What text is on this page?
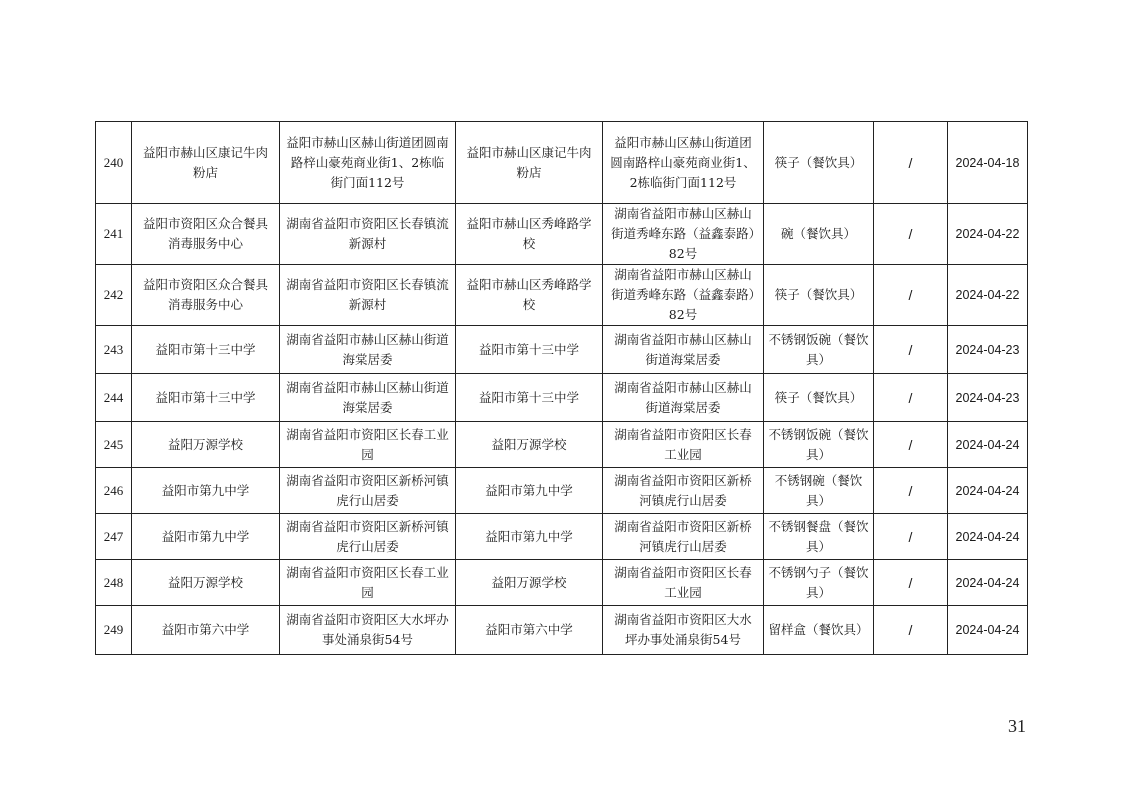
240	益阳市赫山区康记牛肉粉店	益阳市赫山区赫山街道团圆南路梓山豪苑商业街1、2栋临街门面112号	益阳市赫山区康记牛肉粉店	益阳市赫山区赫山街道团圆南路梓山豪苑商业街1、2栋临街门面112号	筷子（餐饮具）	/	2024-04-18
241	益阳市资阳区众合餐具消毒服务中心	湖南省益阳市资阳区长春镇流新源村	益阳市赫山区秀峰路学校	湖南省益阳市赫山区赫山街道秀峰东路（益鑫泰路）82号	碗（餐饮具）	/	2024-04-22
242	益阳市资阳区众合餐具消毒服务中心	湖南省益阳市资阳区长春镇流新源村	益阳市赫山区秀峰路学校	湖南省益阳市赫山区赫山街道秀峰东路（益鑫泰路）82号	筷子（餐饮具）	/	2024-04-22
243	益阳市第十三中学	湖南省益阳市赫山区赫山街道海棠居委	益阳市第十三中学	湖南省益阳市赫山区赫山街道海棠居委	不锈钢饭碗（餐饮具）	/	2024-04-23
244	益阳市第十三中学	湖南省益阳市赫山区赫山街道海棠居委	益阳市第十三中学	湖南省益阳市赫山区赫山街道海棠居委	筷子（餐饮具）	/	2024-04-23
245	益阳万源学校	湖南省益阳市资阳区长春工业园	益阳万源学校	湖南省益阳市资阳区长春工业园	不锈钢饭碗（餐饮具）	/	2024-04-24
246	益阳市第九中学	湖南省益阳市资阳区新桥河镇虎行山居委	益阳市第九中学	湖南省益阳市资阳区新桥河镇虎行山居委	不锈钢碗（餐饮具）	/	2024-04-24
247	益阳市第九中学	湖南省益阳市资阳区新桥河镇虎行山居委	益阳市第九中学	湖南省益阳市资阳区新桥河镇虎行山居委	不锈钢餐盘（餐饮具）	/	2024-04-24
248	益阳万源学校	湖南省益阳市资阳区长春工业园	益阳万源学校	湖南省益阳市资阳区长春工业园	不锈钢勺子（餐饮具）	/	2024-04-24
249	益阳市第六中学	湖南省益阳市资阳区大水坪办事处涌泉街54号	益阳市第六中学	湖南省益阳市资阳区大水坪办事处涌泉街54号	留样盒（餐饮具）	/	2024-04-24
31
